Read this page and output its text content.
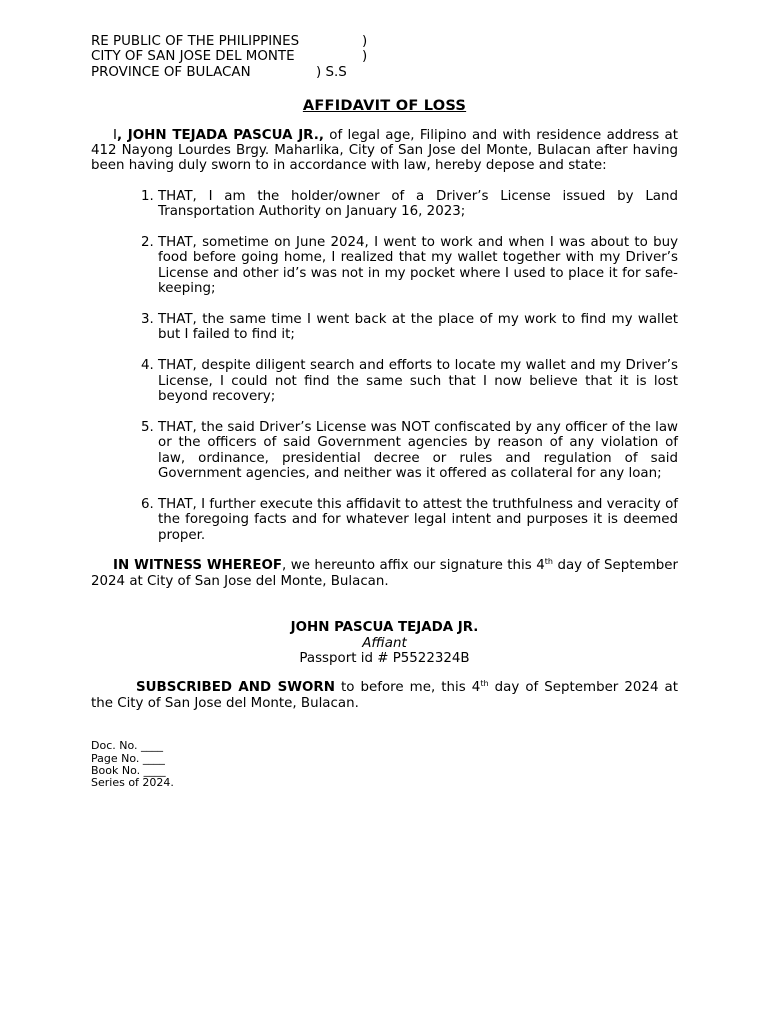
RE PUBLIC OF THE PHILIPPINES	)
CITY OF SAN JOSE DEL MONTE	)
PROVINCE OF BULACAN	) S.S
AFFIDAVIT OF LOSS

I, JOHN TEJADA PASCUA JR., of legal age, Filipino and with residence address at 412 Nayong Lourdes Brgy. Maharlika, City of San Jose del Monte, Bulacan after having been having duly sworn to in accordance with law, hereby depose and state:

1. THAT, I am the holder/owner of a Driver’s License issued by Land Transportation Authority on January 16, 2023;
2. THAT, sometime on June 2024, I went to work and when I was about to buy food before going home, I realized that my wallet together with my Driver’s License and other id’s was not in my pocket where I used to place it for safe-keeping;
3. THAT, the same time I went back at the place of my work to find my wallet but I failed to find it;
4. THAT, despite diligent search and efforts to locate my wallet and my Driver’s License, I could not find the same such that I now believe that it is lost beyond recovery;
5. THAT, the said Driver’s License was NOT confiscated by any officer of the law or the officers of said Government agencies by reason of any violation of law, ordinance, presidential decree or rules and regulation of said Government agencies, and neither was it offered as collateral for any loan;
6. THAT, I further execute this affidavit to attest the truthfulness and veracity of the foregoing facts and for whatever legal intent and purposes it is deemed proper.

IN WITNESS WHEREOF, we hereunto affix our signature this 4th day of September 2024 at City of San Jose del Monte, Bulacan.

JOHN PASCUA TEJADA JR.
Affiant
Passport id # P5522324B

SUBSCRIBED AND SWORN to before me, this 4th day of September 2024 at the City of San Jose del Monte, Bulacan.

Doc. No. ____
Page No. ____
Book No. ____
Series of 2024.
